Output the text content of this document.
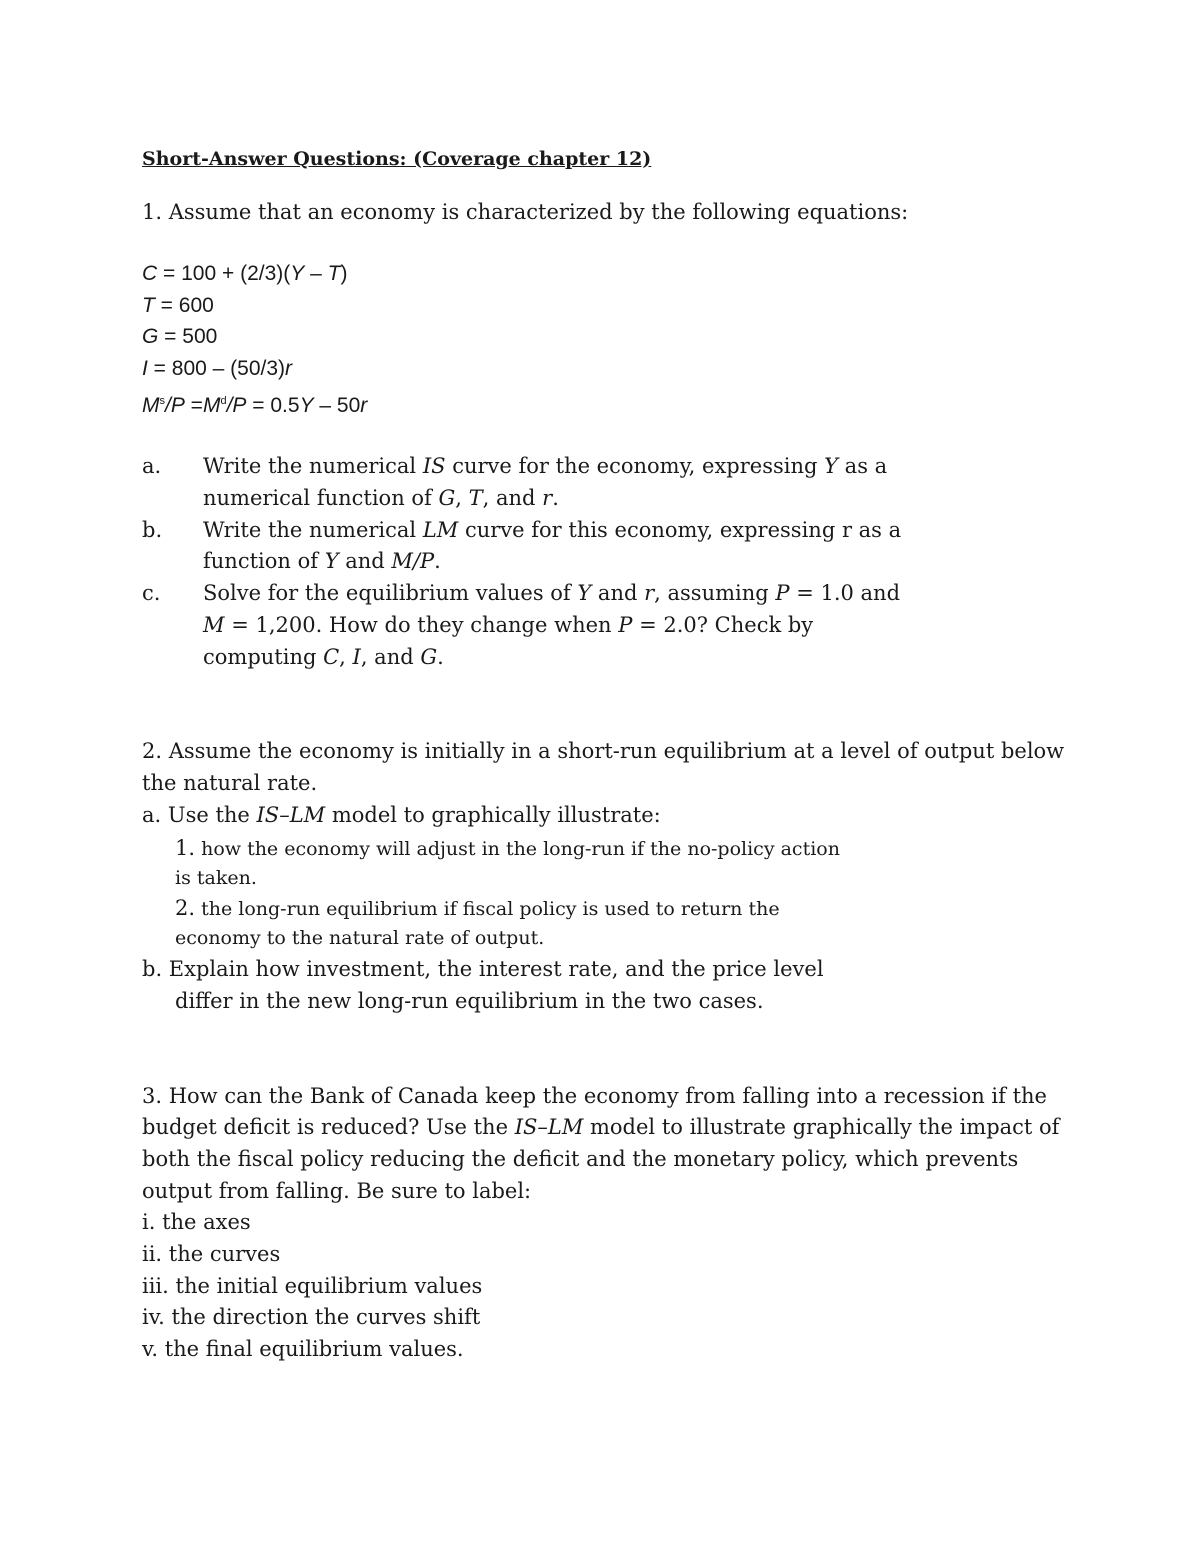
Short-Answer Questions: (Coverage chapter 12)
1. Assume that an economy is characterized by the following equations:
C = 100 + (2/3)(Y – T)
T = 600
G = 500
I = 800 – (50/3)r
$M^s/P =M^d/P = 0.5Y - 50r$
a. Write the numerical IS curve for the economy, expressing Y as a
numerical function of G, T, and r.
b. Write the numerical LM curve for this economy, expressing r as a
function of Y and M/P.
c. Solve for the equilibrium values of Y and r, assuming P = 1.0 and
M = 1,200. How do they change when P = 2.0? Check by
computing C, I, and G.
2. Assume the economy is initially in a short-run equilibrium at a level of output below
the natural rate.
a. Use the IS–LM model to graphically illustrate:
1. how the economy will adjust in the long-run if the no-policy action
is taken.
2. the long-run equilibrium if fiscal policy is used to return the
economy to the natural rate of output.
b. Explain how investment, the interest rate, and the price level
differ in the new long-run equilibrium in the two cases.
3. How can the Bank of Canada keep the economy from falling into a recession if the
budget deficit is reduced? Use the IS–LM model to illustrate graphically the impact of
both the fiscal policy reducing the deficit and the monetary policy, which prevents
output from falling. Be sure to label:
i. the axes
ii. the curves
iii. the initial equilibrium values
iv. the direction the curves shift
v. the final equilibrium values.
